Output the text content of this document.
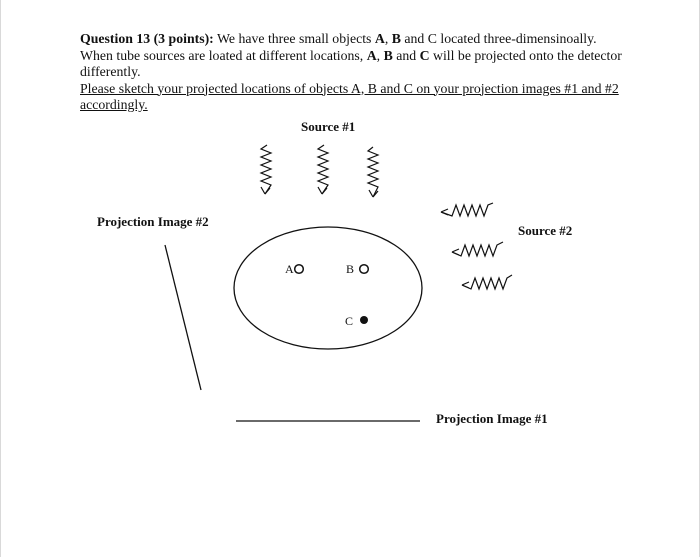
Question 13 (3 points): We have three small objects A, B and C located three-dimensinoally. When tube sources are loated at different locations, A, B and C will be projected onto the detector differently.
Please sketch your projected locations of objects A, B and C on your projection images #1 and #2 accordingly.
Source #1
Source #2
Projection Image #2
A	B
C
Projection Image #1
